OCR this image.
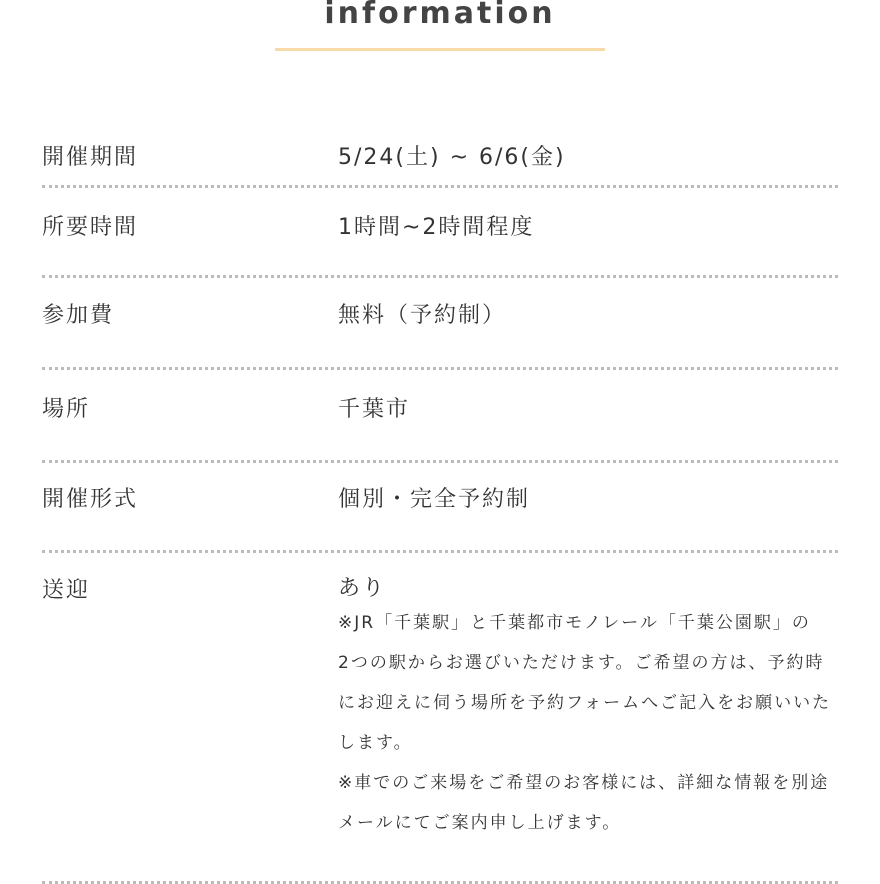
information
開催期間	5/24(土) ~ 6/6(金)
所要時間	1時間~2時間程度
参加費	無料（予約制）
場所	千葉市
開催形式	個別・完全予約制
送迎	あり
※JR「千葉駅」と千葉都市モノレール「千葉公園駅」の
2つの駅からお選びいただけます。ご希望の方は、予約時
にお迎えに伺う場所を予約フォームへご記入をお願いいた
します。
※車でのご来場をご希望のお客様には、詳細な情報を別途
メールにてご案内申し上げます。
